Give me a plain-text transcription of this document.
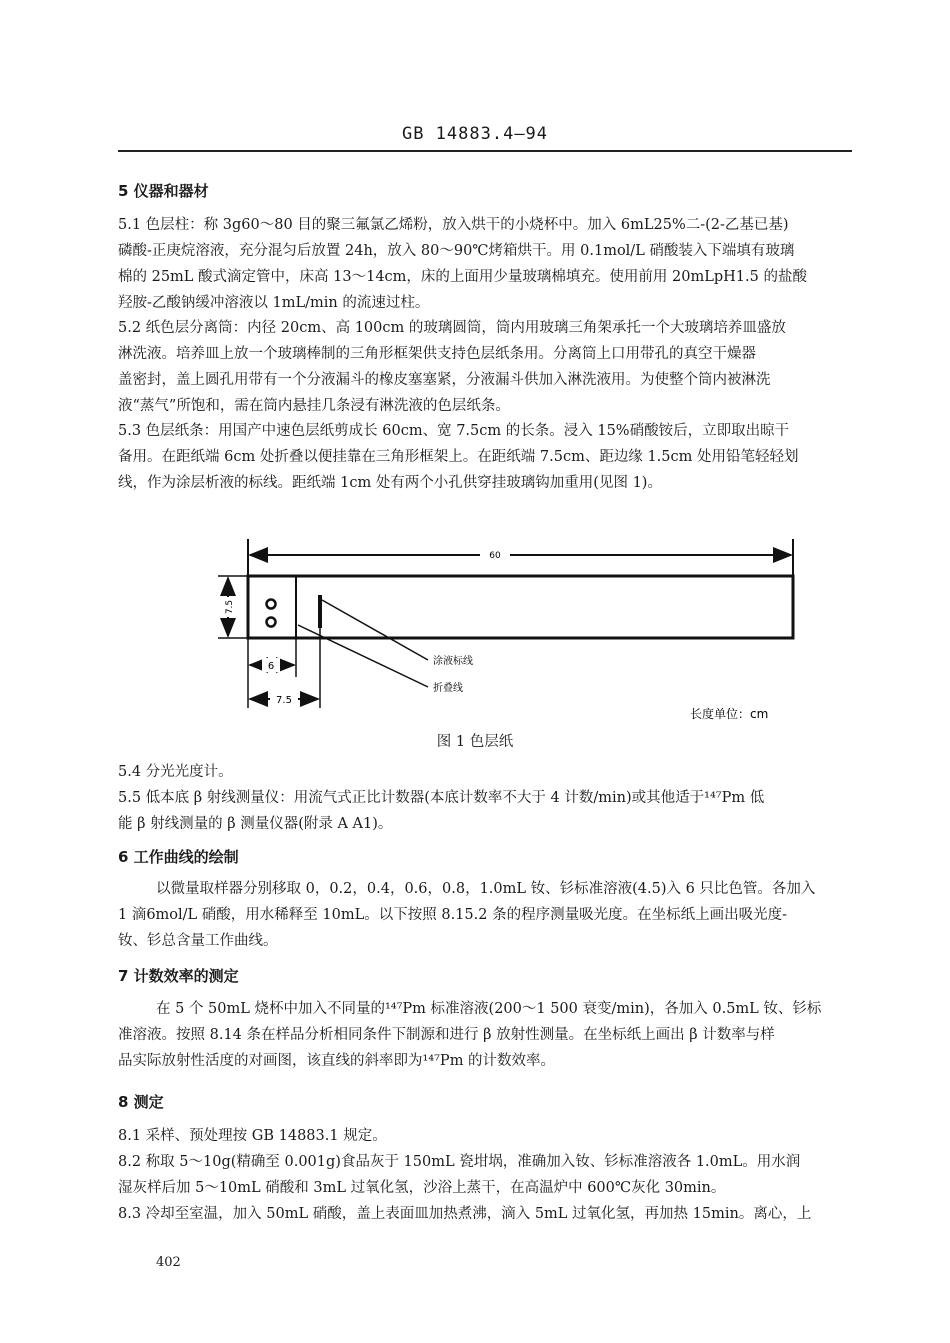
GB 14883.4—94
5 仪器和器材
5.1 色层柱：称 3g60～80 目的聚三氟氯乙烯粉，放入烘干的小烧杯中。加入 6mL25%二-(2-乙基已基)
磷酸-正庚烷溶液，充分混匀后放置 24h，放入 80～90℃烤箱烘干。用 0.1mol/L 硝酸装入下端填有玻璃
棉的 25mL 酸式滴定管中，床高 13～14cm，床的上面用少量玻璃棉填充。使用前用 20mLpH1.5 的盐酸
羟胺-乙酸钠缓冲溶液以 1mL/min 的流速过柱。
5.2 纸色层分离筒：内径 20cm、高 100cm 的玻璃圆筒，筒内用玻璃三角架承托一个大玻璃培养皿盛放
淋洗液。培养皿上放一个玻璃棒制的三角形框架供支持色层纸条用。分离筒上口用带孔的真空干燥器
盖密封，盖上圆孔用带有一个分液漏斗的橡皮塞塞紧，分液漏斗供加入淋洗液用。为使整个筒内被淋洗
液“蒸气”所饱和，需在筒内悬挂几条浸有淋洗液的色层纸条。
5.3 色层纸条：用国产中速色层纸剪成长 60cm、宽 7.5cm 的长条。浸入 15%硝酸铵后，立即取出晾干
备用。在距纸端 6cm 处折叠以便挂靠在三角形框架上。在距纸端 7.5cm、距边缘 1.5cm 处用铅笔轻轻划
线，作为涂层析液的标线。距纸端 1cm 处有两个小孔供穿挂玻璃钩加重用(见图 1)。
60
7.5
6
7.5
涂液标线
折叠线
长度单位：cm
图 1 色层纸
5.4 分光光度计。
5.5 低本底 β 射线测量仪：用流气式正比计数器(本底计数率不大于 4 计数/min)或其他适于¹⁴⁷Pm 低
能 β 射线测量的 β 测量仪器(附录 A A1)。
6 工作曲线的绘制
以微量取样器分别移取 0，0.2，0.4，0.6，0.8，1.0mL 钕、钐标准溶液(4.5)入 6 只比色管。各加入
1 滴6mol/L 硝酸，用水稀释至 10mL。以下按照 8.15.2 条的程序测量吸光度。在坐标纸上画出吸光度-
钕、钐总含量工作曲线。
7 计数效率的测定
在 5 个 50mL 烧杯中加入不同量的¹⁴⁷Pm 标准溶液(200～1 500 衰变/min)，各加入 0.5mL 钕、钐标
准溶液。按照 8.14 条在样品分析相同条件下制源和进行 β 放射性测量。在坐标纸上画出 β 计数率与样
品实际放射性活度的对画图，该直线的斜率即为¹⁴⁷Pm 的计数效率。
8 测定
8.1 采样、预处理按 GB 14883.1 规定。
8.2 称取 5～10g(精确至 0.001g)食品灰于 150mL 瓷坩埚，准确加入钕、钐标准溶液各 1.0mL。用水润
湿灰样后加 5～10mL 硝酸和 3mL 过氧化氢，沙浴上蒸干，在高温炉中 600℃灰化 30min。
8.3 冷却至室温，加入 50mL 硝酸，盖上表面皿加热煮沸，滴入 5mL 过氧化氢，再加热 15min。离心，上
402
